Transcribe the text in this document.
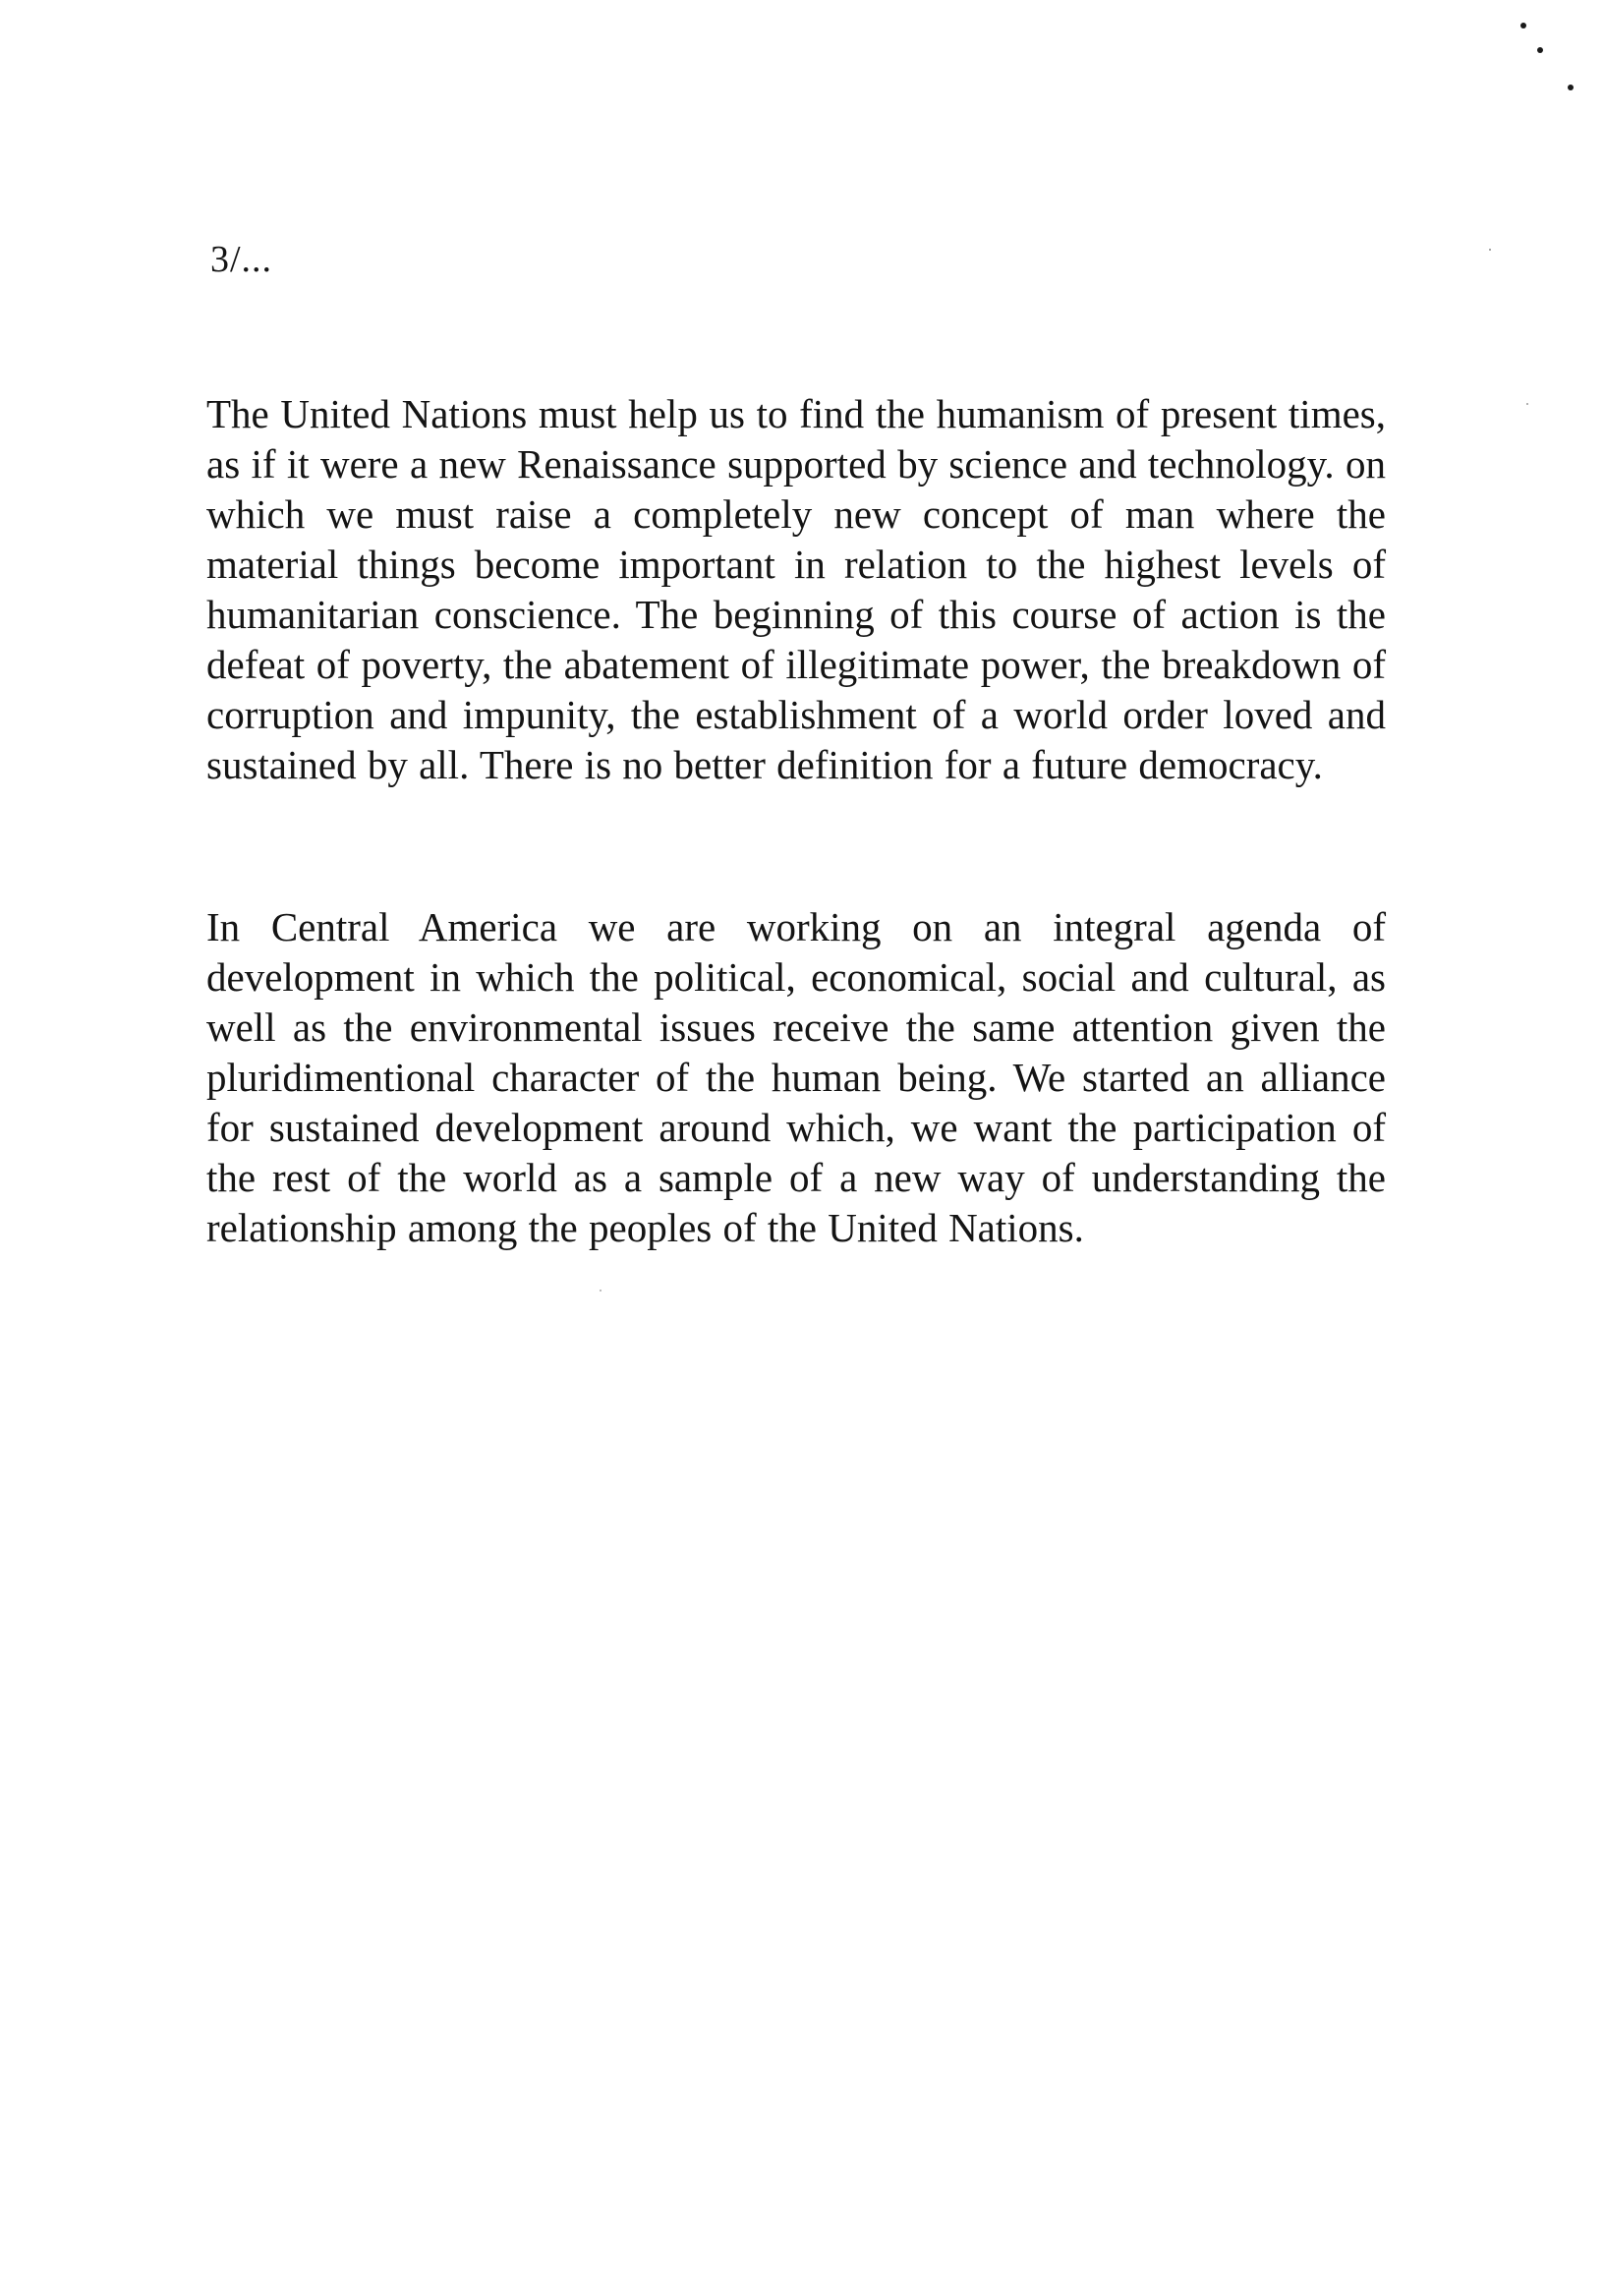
3/...

The United Nations must help us to find the humanism of present times, as if it were a new Renaissance supported by science and technology. on which we must raise a completely new concept of man where the material things become important in relation to the highest levels of humanitarian conscience. The beginning of this course of action is the defeat of poverty, the abatement of illegitimate power, the breakdown of corruption and impunity, the establishment of a world order loved and sustained by all. There is no better definition for a future democracy.

In Central America we are working on an integral agenda of development in which the political, economical, social and cultural, as well as the environmental issues receive the same attention given the pluridimentional character of the human being. We started an alliance for sustained development around which, we want the participation of the rest of the world as a sample of a new way of understanding the relationship among the peoples of the United Nations.
